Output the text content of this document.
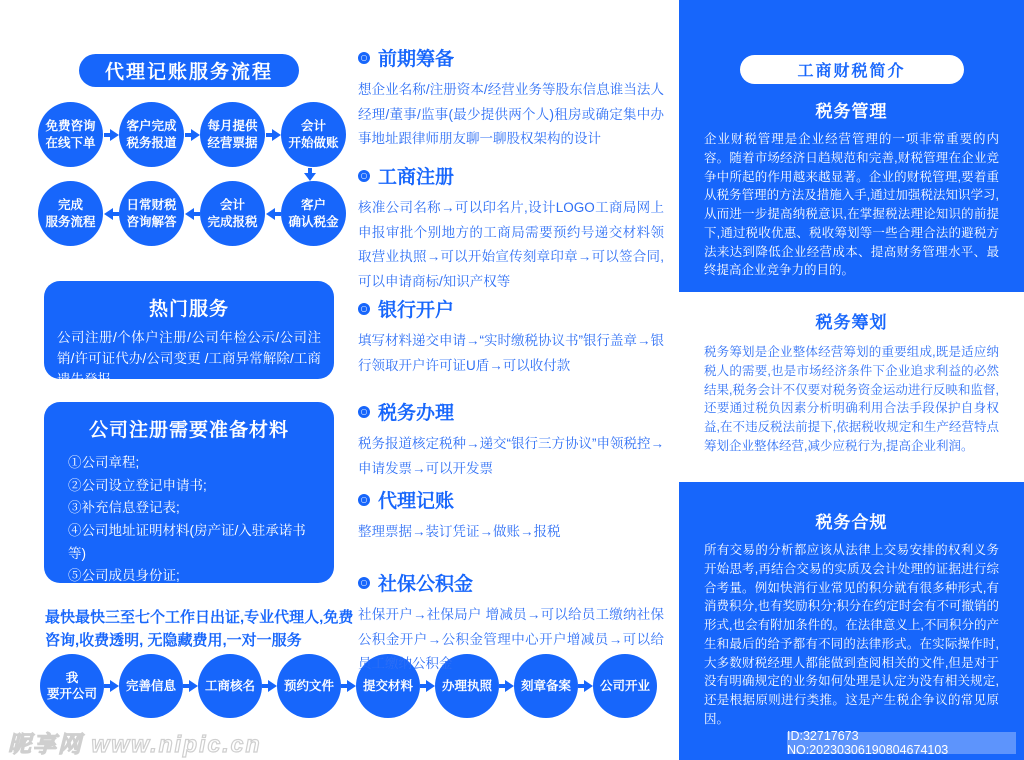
代理记账服务流程
免费咨询
在线下单
客户完成
税务报道
每月提供
经营票据
会计
开始做账
完成
服务流程
日常财税
咨询解答
会计
完成报税
客户
确认税金
热门服务
公司注册/个体户注册/公司年检公示/公司注销/许可证代办/公司变更 /工商异常解除/工商遗失登报
公司注册需要准备材料
①公司章程;
②公司设立登记申请书;
③补充信息登记表;
④公司地址证明材料(房产证/入驻承诺书等)
⑤公司成员身份证;
⑥工商注册指定委托书。
最快最快三至七个工作日出证,专业代理人,免费咨询,收费透明, 无隐藏费用,一对一服务
我
要开公司
完善信息 工商核名 预约文件 提交材料 办理执照 刻章备案 公司开业
前期筹备

想企业名称/注册资本/经营业务等股东信息谁当法人经理/董事/监事(最少提供两个人)租房或确定集中办事地址跟律师朋友聊一聊股权架构的设计

工商注册

核准公司名称→可以印名片,设计LOGO工商局网上申报审批个别地方的工商局需要预约号递交材料领取营业执照→可以开始宣传刻章印章→可以签合同,可以申请商标/知识产权等

银行开户

填写材料递交申请→“实时缴税协议书”银行盖章→银行领取开户许可证U盾→可以收付款

税务办理

税务报道核定税种→递交“银行三方协议”申领税控→申请发票→可以开发票

代理记账

整理票据→装订凭证→做账→报税

社保公积金

社保开户→社保局户 增减员→可以给员工缴纳社保公积金开户→公积金管理中心开户增减员→可以给员工缴纳公积金

工商财税简介
税务管理

企业财税管理是企业经营管理的一项非常重要的内容。随着市场经济日趋规范和完善,财税管理在企业竞争中所起的作用越来越显著。企业的财税管理,要着重从税务管理的方法及措施入手,通过加强税法知识学习,从而进一步提高纳税意识,在掌握税法理论知识的前提下,通过税收优惠、税收筹划等一些合理合法的避税方法来达到降低企业经营成本、提高财务管理水平、最终提高企业竞争力的目的。

税务筹划

税务筹划是企业整体经营筹划的重要组成,既是适应纳税人的需要,也是市场经济条件下企业追求利益的必然结果,税务会计不仅要对税务资金运动进行反映和监督,还要通过税负因素分析明确利用合法手段保护自身权益,在不违反税法前提下,依据税收规定和生产经营特点筹划企业整体经营,减少应税行为,提高企业利润。

税务合规

所有交易的分析都应该从法律上交易安排的权利义务开始思考,再结合交易的实质及会计处理的证据进行综合考量。例如快消行业常见的积分就有很多种形式,有消费积分,也有奖励积分;积分在约定时会有不可撤销的形式,也会有附加条件的。在法律意义上,不同积分的产生和最后的给予都有不同的法律形式。在实际操作时,大多数财税经理人都能做到查阅相关的文件,但是对于没有明确规定的业务如何处理是认定为没有相关规定,还是根据原则进行类推。这是产生税企争议的常见原因。

ID:32717673 NO:20230306190804674103
昵享网 www.nipic.cn
